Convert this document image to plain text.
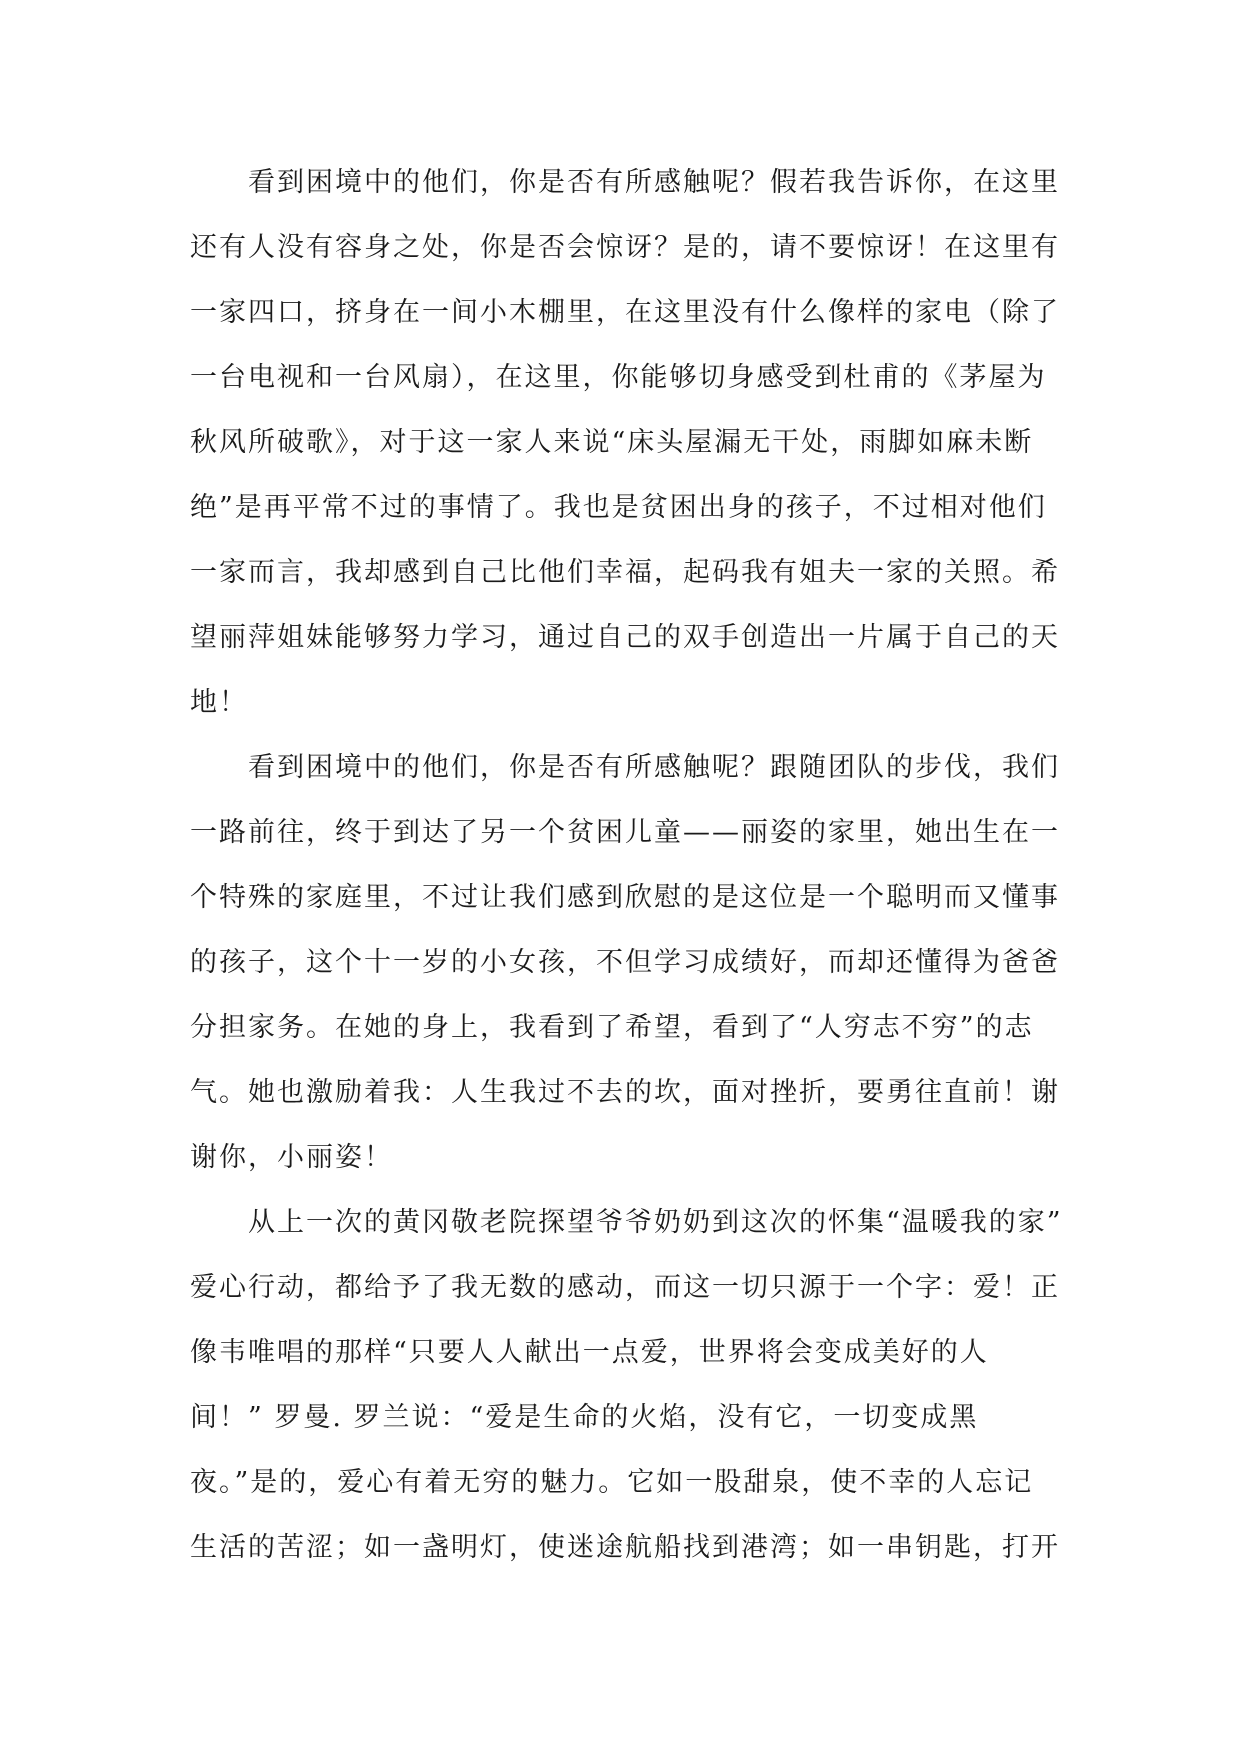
看到困境中的他们，你是否有所感触呢？假若我告诉你，在这里
还有人没有容身之处，你是否会惊讶？是的，请不要惊讶！在这里有
一家四口，挤身在一间小木棚里，在这里没有什么像样的家电（除了
一台电视和一台风扇），在这里，你能够切身感受到杜甫的《茅屋为
秋风所破歌》，对于这一家人来说“床头屋漏无干处，雨脚如麻未断
绝”是再平常不过的事情了。我也是贫困出身的孩子，不过相对他们
一家而言，我却感到自己比他们幸福，起码我有姐夫一家的关照。希
望丽萍姐妹能够努力学习，通过自己的双手创造出一片属于自己的天
地！
看到困境中的他们，你是否有所感触呢？跟随团队的步伐，我们
一路前往，终于到达了另一个贫困儿童——丽姿的家里，她出生在一
个特殊的家庭里，不过让我们感到欣慰的是这位是一个聪明而又懂事
的孩子，这个十一岁的小女孩，不但学习成绩好，而却还懂得为爸爸
分担家务。在她的身上，我看到了希望，看到了“人穷志不穷”的志
气。她也激励着我：人生我过不去的坎，面对挫折，要勇往直前！谢
谢你，小丽姿！
从上一次的黄冈敬老院探望爷爷奶奶到这次的怀集“温暖我的家”
爱心行动，都给予了我无数的感动，而这一切只源于一个字：爱！正
像韦唯唱的那样“只要人人献出一点爱，世界将会变成美好的人
间！” 罗曼. 罗兰说：“爱是生命的火焰，没有它，一切变成黑
夜。”是的，爱心有着无穷的魅力。它如一股甜泉，使不幸的人忘记
生活的苦涩；如一盏明灯，使迷途航船找到港湾；如一串钥匙，打开
